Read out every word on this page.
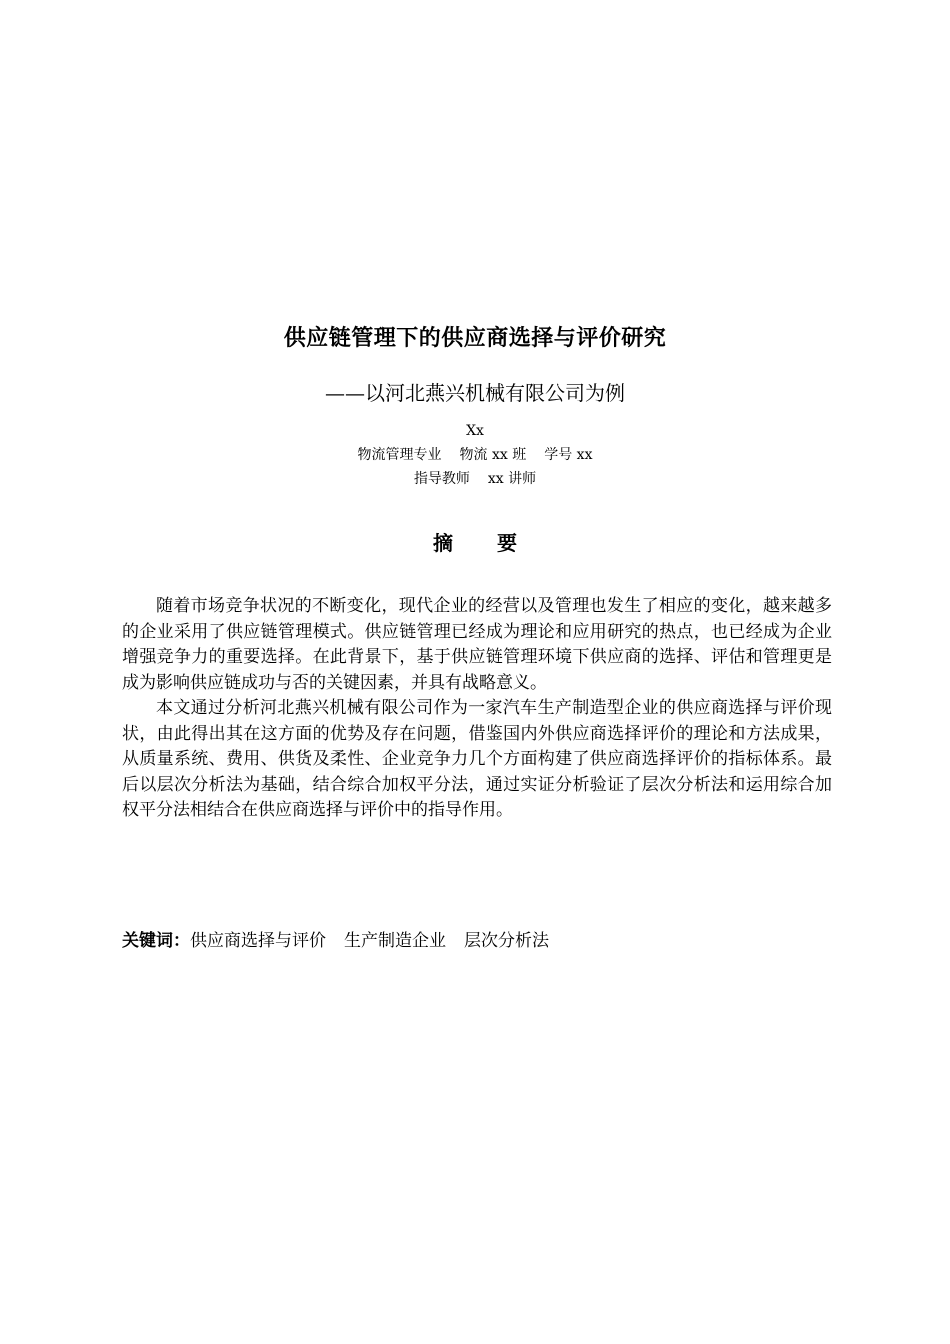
供应链管理下的供应商选择与评价研究
——以河北燕兴机械有限公司为例
Xx
物流管理专业 物流 xx 班 学号 xx
指导教师 xx 讲师
摘要

随着市场竞争状况的不断变化，现代企业的经营以及管理也发生了相应的变化，越来越多的企业采用了供应链管理模式。供应链管理已经成为理论和应用研究的热点，也已经成为企业增强竞争力的重要选择。在此背景下，基于供应链管理环境下供应商的选择、评估和管理更是成为影响供应链成功与否的关键因素，并具有战略意义。

本文通过分析河北燕兴机械有限公司作为一家汽车生产制造型企业的供应商选择与评价现状，由此得出其在这方面的优势及存在问题，借鉴国内外供应商选择评价的理论和方法成果，从质量系统、费用、供货及柔性、企业竞争力几个方面构建了供应商选择评价的指标体系。最后以层次分析法为基础，结合综合加权平分法，通过实证分析验证了层次分析法和运用综合加权平分法相结合在供应商选择与评价中的指导作用。

关键词：供应商选择与评价 生产制造企业 层次分析法
